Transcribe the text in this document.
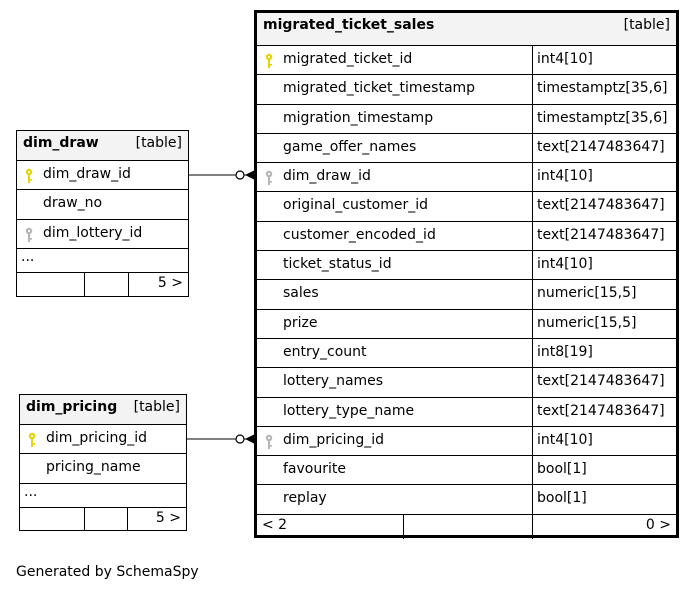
migrated_ticket_sales	[table]
migrated_ticket_id	int4[10]
migrated_ticket_timestamp	timestamptz[35,6]
migration_timestamp	timestamptz[35,6]
game_offer_names	text[2147483647]
dim_draw_id	int4[10]
original_customer_id	text[2147483647]
customer_encoded_id	text[2147483647]
ticket_status_id	int4[10]
sales	numeric[15,5]
prize	numeric[15,5]
entry_count	int8[19]
lottery_names	text[2147483647]
lottery_type_name	text[2147483647]
dim_pricing_id	int4[10]
favourite	bool[1]
replay	bool[1]
< 2	0 >
dim_draw	[table]
dim_draw_id
draw_no
dim_lottery_id
...
5 >
dim_pricing [table]
dim_pricing_id
pricing_name
...
5 >
Generated by SchemaSpy
